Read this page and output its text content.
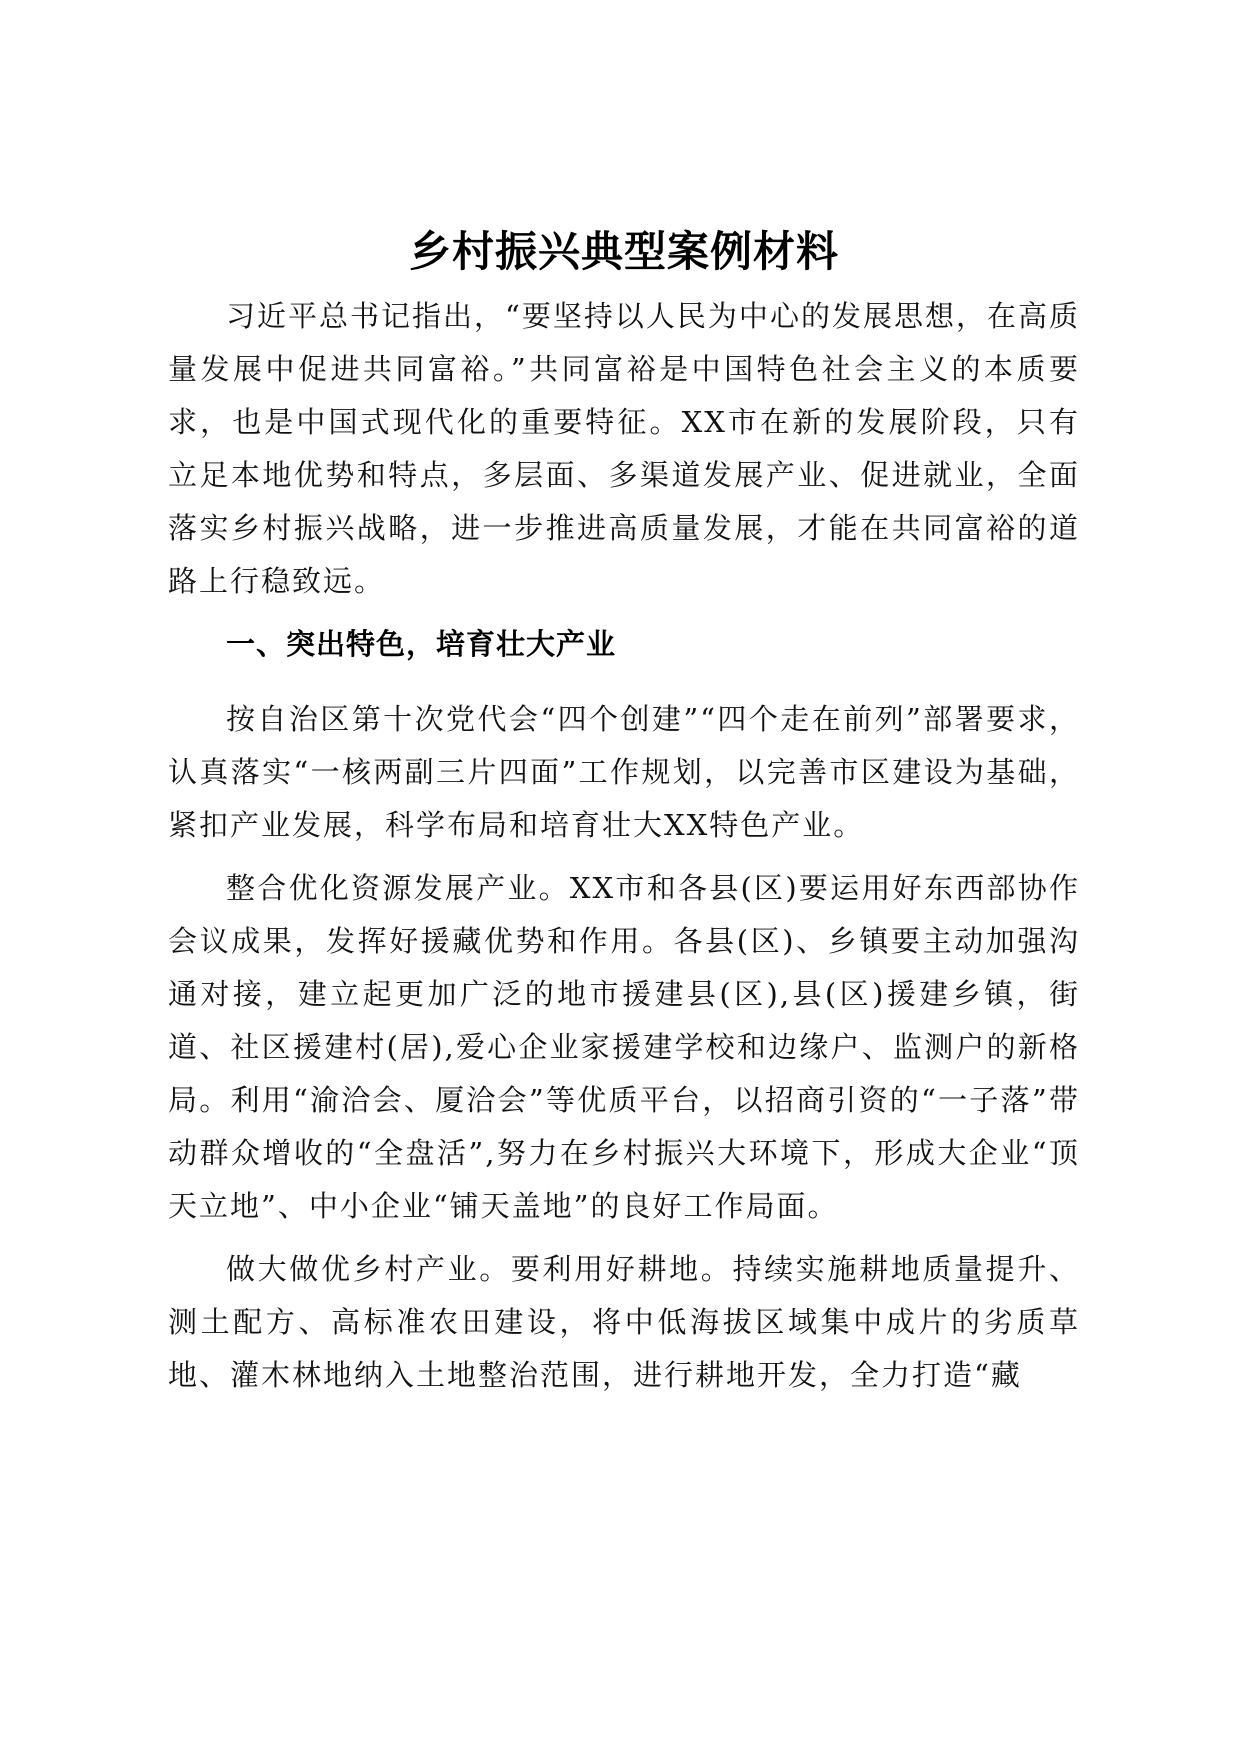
乡村振兴典型案例材料

习近平总书记指出，“要坚持以人民为中心的发展思想，在高质量发展中促进共同富裕。”共同富裕是中国特色社会主义的本质要求，也是中国式现代化的重要特征。XX市在新的发展阶段，只有立足本地优势和特点，多层面、多渠道发展产业、促进就业，全面落实乡村振兴战略，进一步推进高质量发展，才能在共同富裕的道路上行稳致远。

一、突出特色，培育壮大产业

按自治区第十次党代会“四个创建”“四个走在前列”部署要求，认真落实“一核两副三片四面”工作规划，以完善市区建设为基础，紧扣产业发展，科学布局和培育壮大XX特色产业。

整合优化资源发展产业。XX市和各县(区)要运用好东西部协作会议成果，发挥好援藏优势和作用。各县(区)、乡镇要主动加强沟通对接，建立起更加广泛的地市援建县(区),县(区)援建乡镇，街道、社区援建村(居),爱心企业家援建学校和边缘户、监测户的新格局。利用“渝洽会、厦洽会”等优质平台，以招商引资的“一子落”带动群众增收的“全盘活”,努力在乡村振兴大环境下，形成大企业“顶天立地”、中小企业“铺天盖地”的良好工作局面。

做大做优乡村产业。要利用好耕地。持续实施耕地质量提升、测土配方、高标准农田建设，将中低海拔区域集中成片的劣质草地、灌木林地纳入土地整治范围，进行耕地开发，全力打造“藏
